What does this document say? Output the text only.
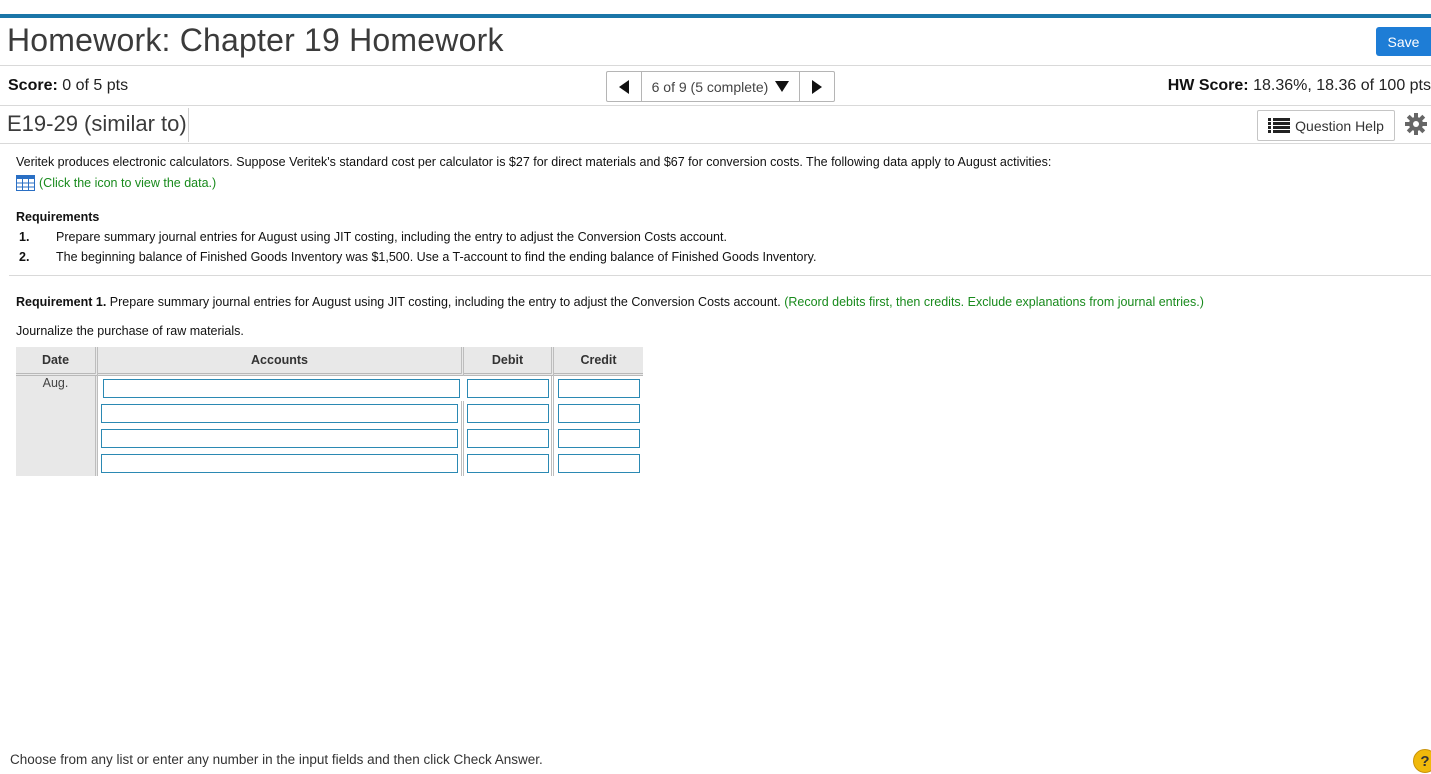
Homework: Chapter 19 Homework	Save
Score: 0 of 5 pts	6 of 9 (5 complete)	HW Score: 18.36%, 18.36 of 100 pts
E19-29 (similar to)	Question Help
Veritek produces electronic calculators. Suppose Veritek's standard cost per calculator is $27 for direct materials and $67 for conversion costs. The following data apply to August activities:
(Click the icon to view the data.)
Requirements
1. Prepare summary journal entries for August using JIT costing, including the entry to adjust the Conversion Costs account.
2. The beginning balance of Finished Goods Inventory was $1,500. Use a T-account to find the ending balance of Finished Goods Inventory.
Requirement 1. Prepare summary journal entries for August using JIT costing, including the entry to adjust the Conversion Costs account. (Record debits first, then credits. Exclude explanations from journal entries.)
Journalize the purchase of raw materials.
Date	Accounts	Debit	Credit
Aug.	

Choose from any list or enter any number in the input fields and then click Check Answer.	?
